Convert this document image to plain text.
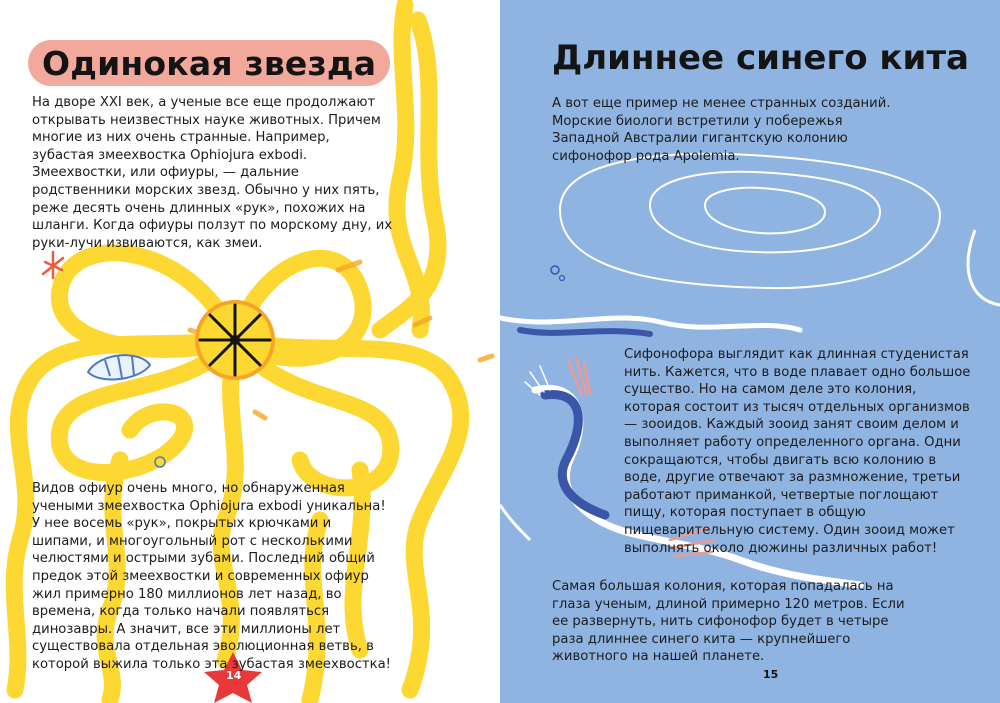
Одинокая звезда

На дворе XXI век, а ученые все еще продолжают открывать неизвестных науке животных. Причем многие из них очень странные. Например, зубастая змеехвостка Ophiojura exbodi. Змеехвостки, или офиуры, — дальние родственники морских звезд. Обычно у них пять, реже десять очень длинных «рук», похожих на шланги. Когда офиуры ползут по морскому дну, их руки-лучи извиваются, как змеи.

Видов офиур очень много, но обнаруженная учеными змеехвостка Ophiojura exbodi уникальна! У нее восемь «рук», покрытых крючками и шипами, и многоугольный рот с несколькими челюстями и острыми зубами. Последний общий предок этой змеехвостки и современных офиур жил примерно 180 миллионов лет назад, во времена, когда только начали появляться динозавры. А значит, все эти миллионы лет существовала отдельная эволюционная ветвь, в которой выжила только эта зубастая змеехвостка!

14
Длиннее синего кита

А вот еще пример не менее странных созданий. Морские биологи встретили у побережья Западной Австралии гигантскую колонию сифонофор рода Apolemia.

Сифонофора выглядит как длинная студенистая нить. Кажется, что в воде плавает одно большое существо. Но на самом деле это колония, которая состоит из тысяч отдельных организмов — зооидов. Каждый зооид занят своим делом и выполняет работу определенного органа. Одни сокращаются, чтобы двигать всю колонию в воде, другие отвечают за размножение, третьи работают приманкой, четвертые поглощают пищу, которая поступает в общую пищеварительную систему. Один зооид может выполнять около дюжины различных работ!

Самая большая колония, которая попадалась на глаза ученым, длиной примерно 120 метров. Если ее развернуть, нить сифонофор будет в четыре раза длиннее синего кита — крупнейшего животного на нашей планете.

15
